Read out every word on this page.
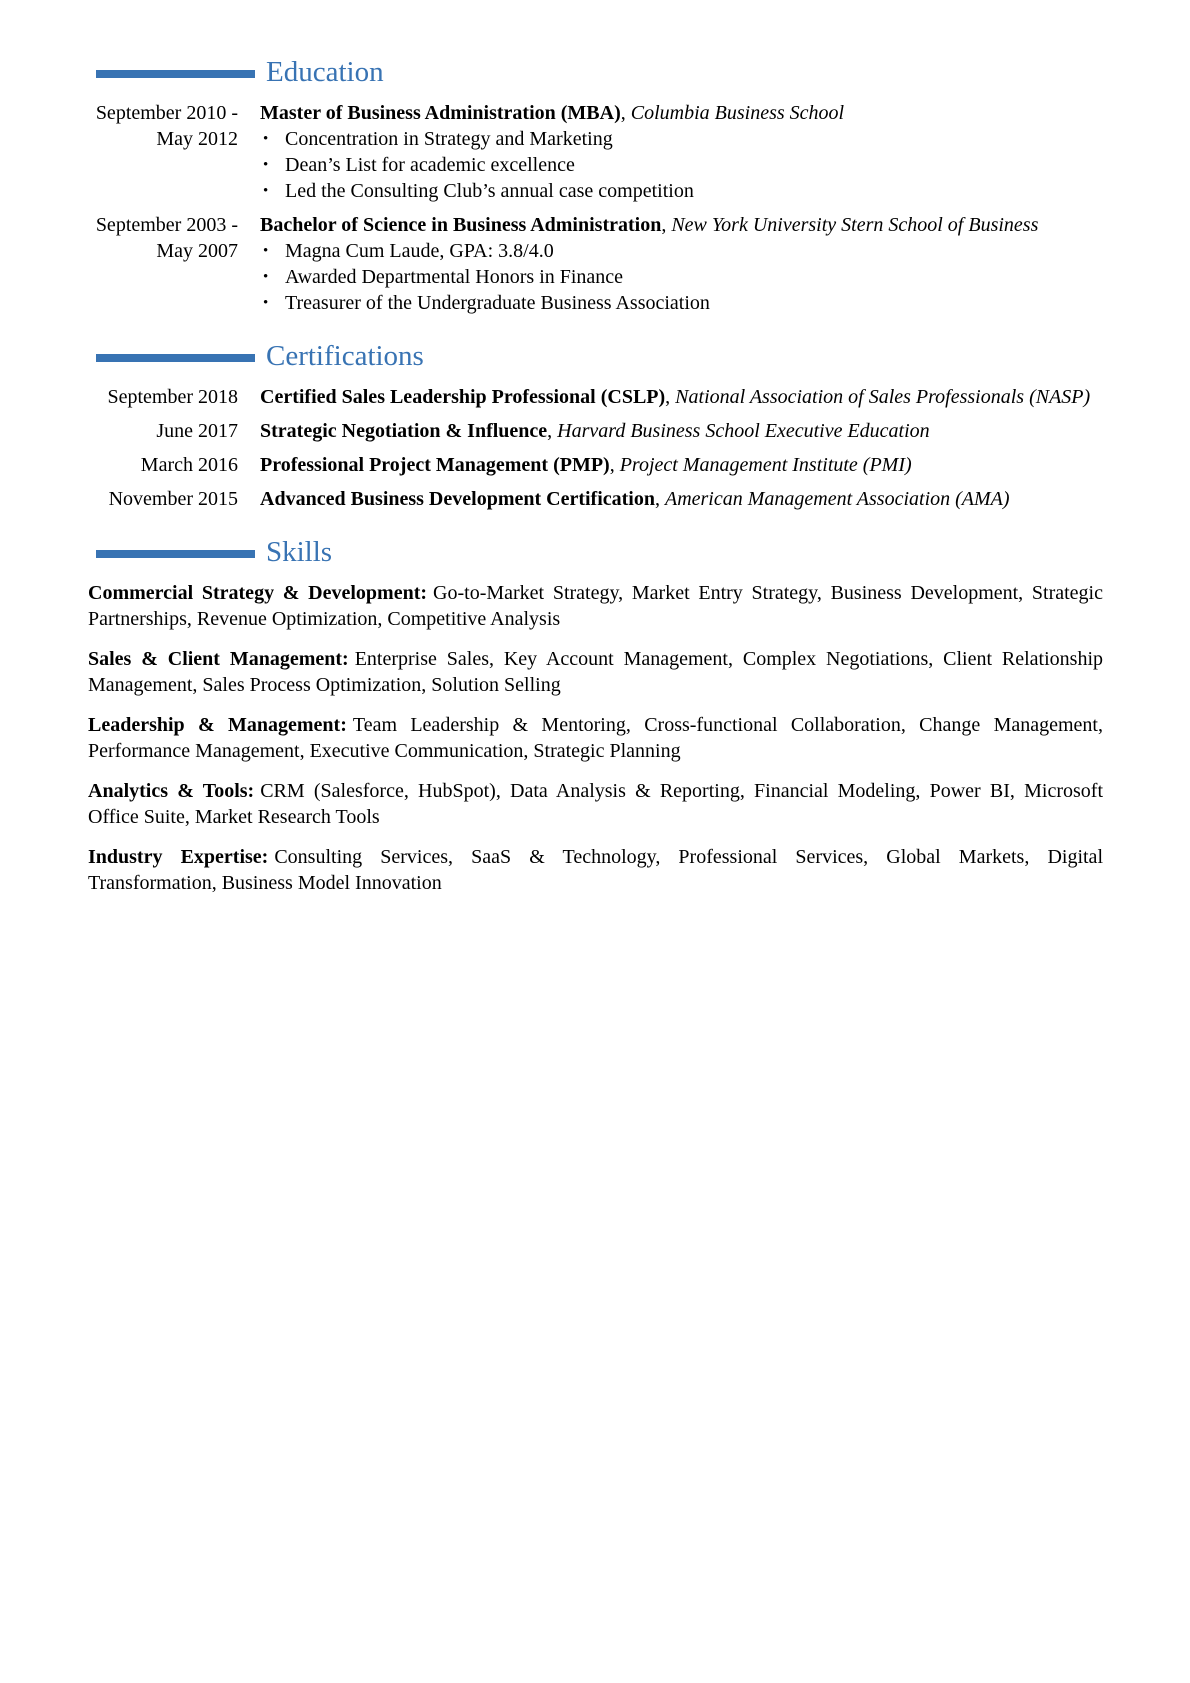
Education
September 2010 - May 2012
Master of Business Administration (MBA), Columbia Business School
• Concentration in Strategy and Marketing
• Dean’s List for academic excellence
• Led the Consulting Club’s annual case competition
September 2003 - May 2007
Bachelor of Science in Business Administration, New York University Stern School of Business
• Magna Cum Laude, GPA: 3.8/4.0
• Awarded Departmental Honors in Finance
• Treasurer of the Undergraduate Business Association
Certifications
September 2018 Certified Sales Leadership Professional (CSLP), National Association of Sales Professionals (NASP)
June 2017 Strategic Negotiation & Influence, Harvard Business School Executive Education
March 2016 Professional Project Management (PMP), Project Management Institute (PMI)
November 2015 Advanced Business Development Certification, American Management Association (AMA)
Skills

Commercial Strategy & Development: Go-to-Market Strategy, Market Entry Strategy, Business Development, Strategic Partnerships, Revenue Optimization, Competitive Analysis

Sales & Client Management: Enterprise Sales, Key Account Management, Complex Negotiations, Client Relationship Management, Sales Process Optimization, Solution Selling

Leadership & Management: Team Leadership & Mentoring, Cross-functional Collaboration, Change Management, Performance Management, Executive Communication, Strategic Planning

Analytics & Tools: CRM (Salesforce, HubSpot), Data Analysis & Reporting, Financial Modeling, Power BI, Microsoft Office Suite, Market Research Tools

Industry Expertise: Consulting Services, SaaS & Technology, Professional Services, Global Markets, Digital Transformation, Business Model Innovation
